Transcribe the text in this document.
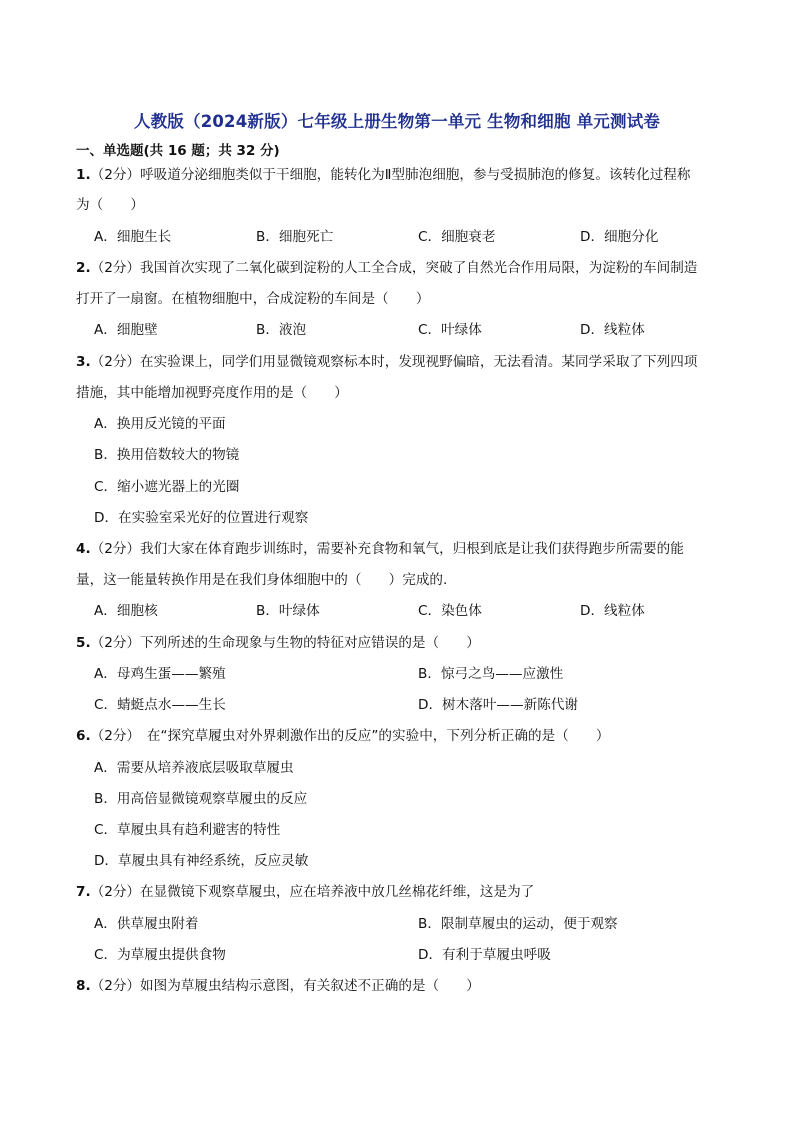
人教版（2024新版）七年级上册生物第一单元 生物和细胞 单元测试卷
一、单选题(共 16 题；共 32 分)
1.（2分）呼吸道分泌细胞类似于干细胞，能转化为Ⅱ型肺泡细胞，参与受损肺泡的修复。该转化过程称
为（　　）
A．细胞生长	B．细胞死亡	C．细胞衰老	D．细胞分化
2.（2分）我国首次实现了二氧化碳到淀粉的人工全合成，突破了自然光合作用局限，为淀粉的车间制造
打开了一扇窗。在植物细胞中，合成淀粉的车间是（　　）
A．细胞壁	B．液泡	C．叶绿体	D．线粒体
3.（2分）在实验课上，同学们用显微镜观察标本时，发现视野偏暗，无法看清。某同学采取了下列四项
措施，其中能增加视野亮度作用的是（　　）
A．换用反光镜的平面
B．换用倍数较大的物镜
C．缩小遮光器上的光圈
D．在实验室采光好的位置进行观察
4.（2分）我们大家在体育跑步训练时，需要补充食物和氧气，归根到底是让我们获得跑步所需要的能
量，这一能量转换作用是在我们身体细胞中的（　　）完成的.
A．细胞核	B．叶绿体	C．染色体	D．线粒体
5.（2分）下列所述的生命现象与生物的特征对应错误的是（　　）
A．母鸡生蛋——繁殖	B．惊弓之鸟——应激性
C．蜻蜓点水——生长	D．树木落叶——新陈代谢
6.（2分）　在“探究草履虫对外界刺激作出的反应”的实验中，下列分析正确的是（　　）
A．需要从培养液底层吸取草履虫
B．用高倍显微镜观察草履虫的反应
C．草履虫具有趋利避害的特性
D．草履虫具有神经系统，反应灵敏
7.（2分）在显微镜下观察草履虫，应在培养液中放几丝棉花纤维，这是为了
A．供草履虫附着	B．限制草履虫的运动，便于观察
C．为草履虫提供食物	D．有利于草履虫呼吸
8.（2分）如图为草履虫结构示意图，有关叙述不正确的是（　　）
